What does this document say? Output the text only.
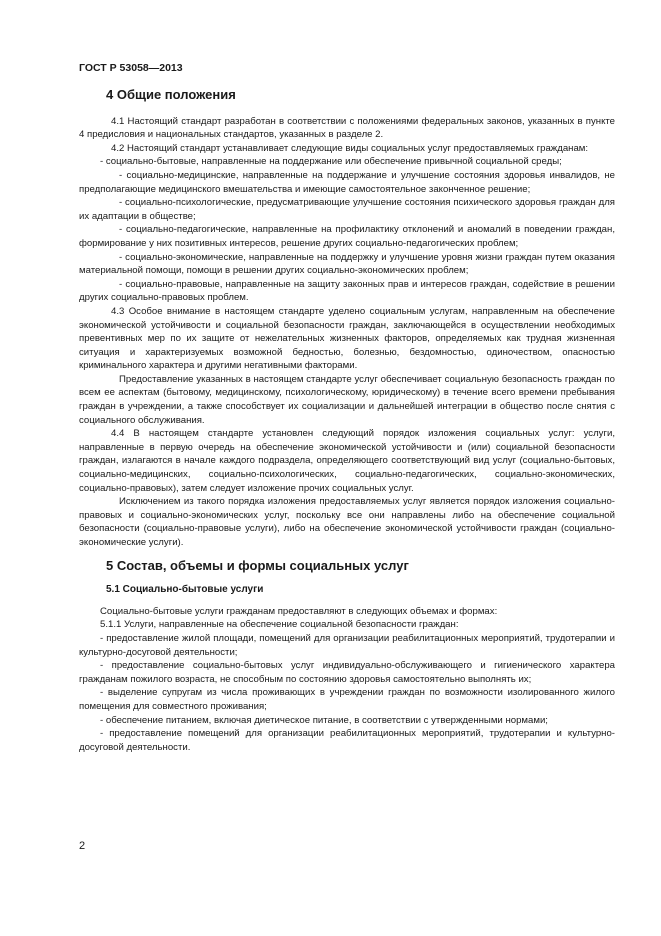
ГОСТ Р 53058—2013
4 Общие положения

4.1 Настоящий стандарт разработан в соответствии с положениями федеральных законов, указанных в пункте 4 предисловия и национальных стандартов, указанных в разделе 2.

4.2 Настоящий стандарт устанавливает следующие виды социальных услуг предоставляемых гражданам:

- социально-бытовые, направленные на поддержание или обеспечение привычной социальной среды;

- социально-медицинские, направленные на поддержание и улучшение состояния здоровья инвалидов, не предполагающие медицинского вмешательства и имеющие самостоятельное законченное решение;

- социально-психологические, предусматривающие улучшение состояния психического здоровья граждан для их адаптации в обществе;

- социально-педагогические, направленные на профилактику отклонений и аномалий в поведении граждан, формирование у них позитивных интересов, решение других социально-педагогических проблем;

- социально-экономические, направленные на поддержку и улучшение уровня жизни граждан путем оказания материальной помощи, помощи в решении других социально-экономических проблем;

- социально-правовые, направленные на защиту законных прав и интересов граждан, содействие в решении других социально-правовых проблем.

4.3 Особое внимание в настоящем стандарте уделено социальным услугам, направленным на обеспечение экономической устойчивости и социальной безопасности граждан, заключающейся в осуществлении необходимых превентивных мер по их защите от нежелательных жизненных факторов, определяемых как трудная жизненная ситуация и характеризуемых возможной бедностью, болезнью, бездомностью, одиночеством, опасностью криминального характера и другими негативными факторами.

Предоставление указанных в настоящем стандарте услуг обеспечивает социальную безопасность граждан по всем ее аспектам (бытовому, медицинскому, психологическому, юридическому) в течение всего времени пребывания граждан в учреждении, а также способствует их социализации и дальнейшей интеграции в общество после снятия с социального обслуживания.

4.4 В настоящем стандарте установлен следующий порядок изложения социальных услуг: услуги, направленные в первую очередь на обеспечение экономической устойчивости и (или) социальной безопасности граждан, излагаются в начале каждого подраздела, определяющего соответствующий вид услуг (социально-бытовых, социально-медицинских, социально-психологических, социально-педагогических, социально-экономических, социально-правовых), затем следует изложение прочих социальных услуг.

Исключением из такого порядка изложения предоставляемых услуг является порядок изложения социально-правовых и социально-экономических услуг, поскольку все они направлены либо на обеспечение социальной безопасности (социально-правовые услуги), либо на обеспечение экономической устойчивости граждан (социально-экономические услуги).

5 Состав, объемы и формы социальных услуг
5.1 Социально-бытовые услуги

Социально-бытовые услуги гражданам предоставляют в следующих объемах и формах:

5.1.1 Услуги, направленные на обеспечение социальной безопасности граждан:

- предоставление жилой площади, помещений для организации реабилитационных мероприятий, трудотерапии и культурно-досуговой деятельности;

- предоставление социально-бытовых услуг индивидуально-обслуживающего и гигиенического характера гражданам пожилого возраста, не способным по состоянию здоровья самостоятельно выполнять их;

- выделение супругам из числа проживающих в учреждении граждан по возможности изолированного жилого помещения для совместного проживания;

- обеспечение питанием, включая диетическое питание, в соответствии с утвержденными нормами;

- предоставление помещений для организации реабилитационных мероприятий, трудотерапии и культурно-досуговой деятельности.

2
